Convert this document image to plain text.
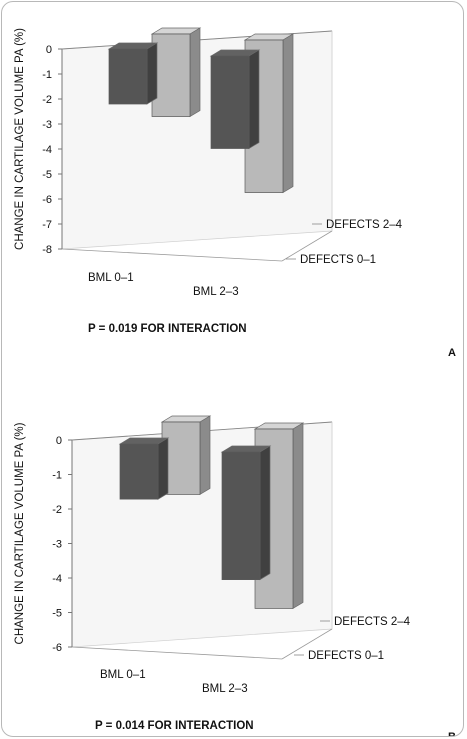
0
-1
-2
-3
-4
-5
-6
-7
-8
CHANGE IN CARTILAGE VOLUME PA (%)
BML 0–1
BML 2–3
DEFECTS 0–1
DEFECTS 2–4
P = 0.019 FOR INTERACTION
A
0
-1
-2
-3
-4
-5
-6
CHANGE IN CARTILAGE VOLUME PA (%)
BML 0–1
BML 2–3
DEFECTS 0–1
DEFECTS 2–4
P = 0.014 FOR INTERACTION
B
